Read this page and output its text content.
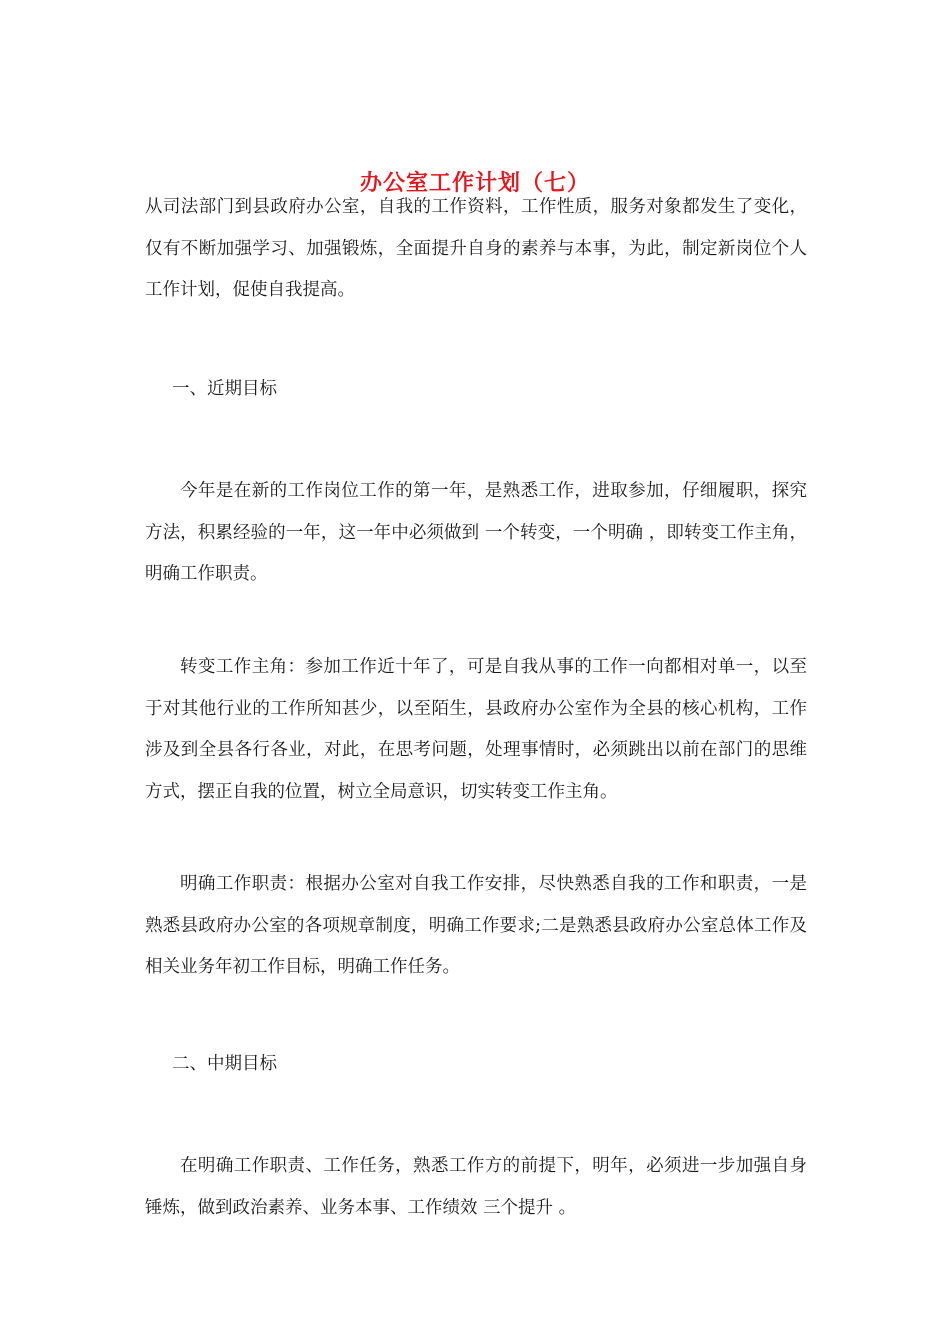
办公室工作计划（七）

从司法部门到县政府办公室，自我的工作资料，工作性质，服务对象都发生了变化，仅有不断加强学习、加强锻炼，全面提升自身的素养与本事，为此，制定新岗位个人工作计划，促使自我提高。

一、近期目标

今年是在新的工作岗位工作的第一年，是熟悉工作，进取参加，仔细履职，探究方法，积累经验的一年，这一年中必须做到 一个转变，一个明确 ，即转变工作主角，明确工作职责。

转变工作主角：参加工作近十年了，可是自我从事的工作一向都相对单一，以至于对其他行业的工作所知甚少，以至陌生，县政府办公室作为全县的核心机构，工作涉及到全县各行各业，对此，在思考问题，处理事情时，必须跳出以前在部门的思维方式，摆正自我的位置，树立全局意识，切实转变工作主角。

明确工作职责：根据办公室对自我工作安排，尽快熟悉自我的工作和职责，一是熟悉县政府办公室的各项规章制度，明确工作要求;二是熟悉县政府办公室总体工作及相关业务年初工作目标，明确工作任务。

二、中期目标

在明确工作职责、工作任务，熟悉工作方的前提下，明年，必须进一步加强自身锤炼，做到政治素养、业务本事、工作绩效 三个提升 。
